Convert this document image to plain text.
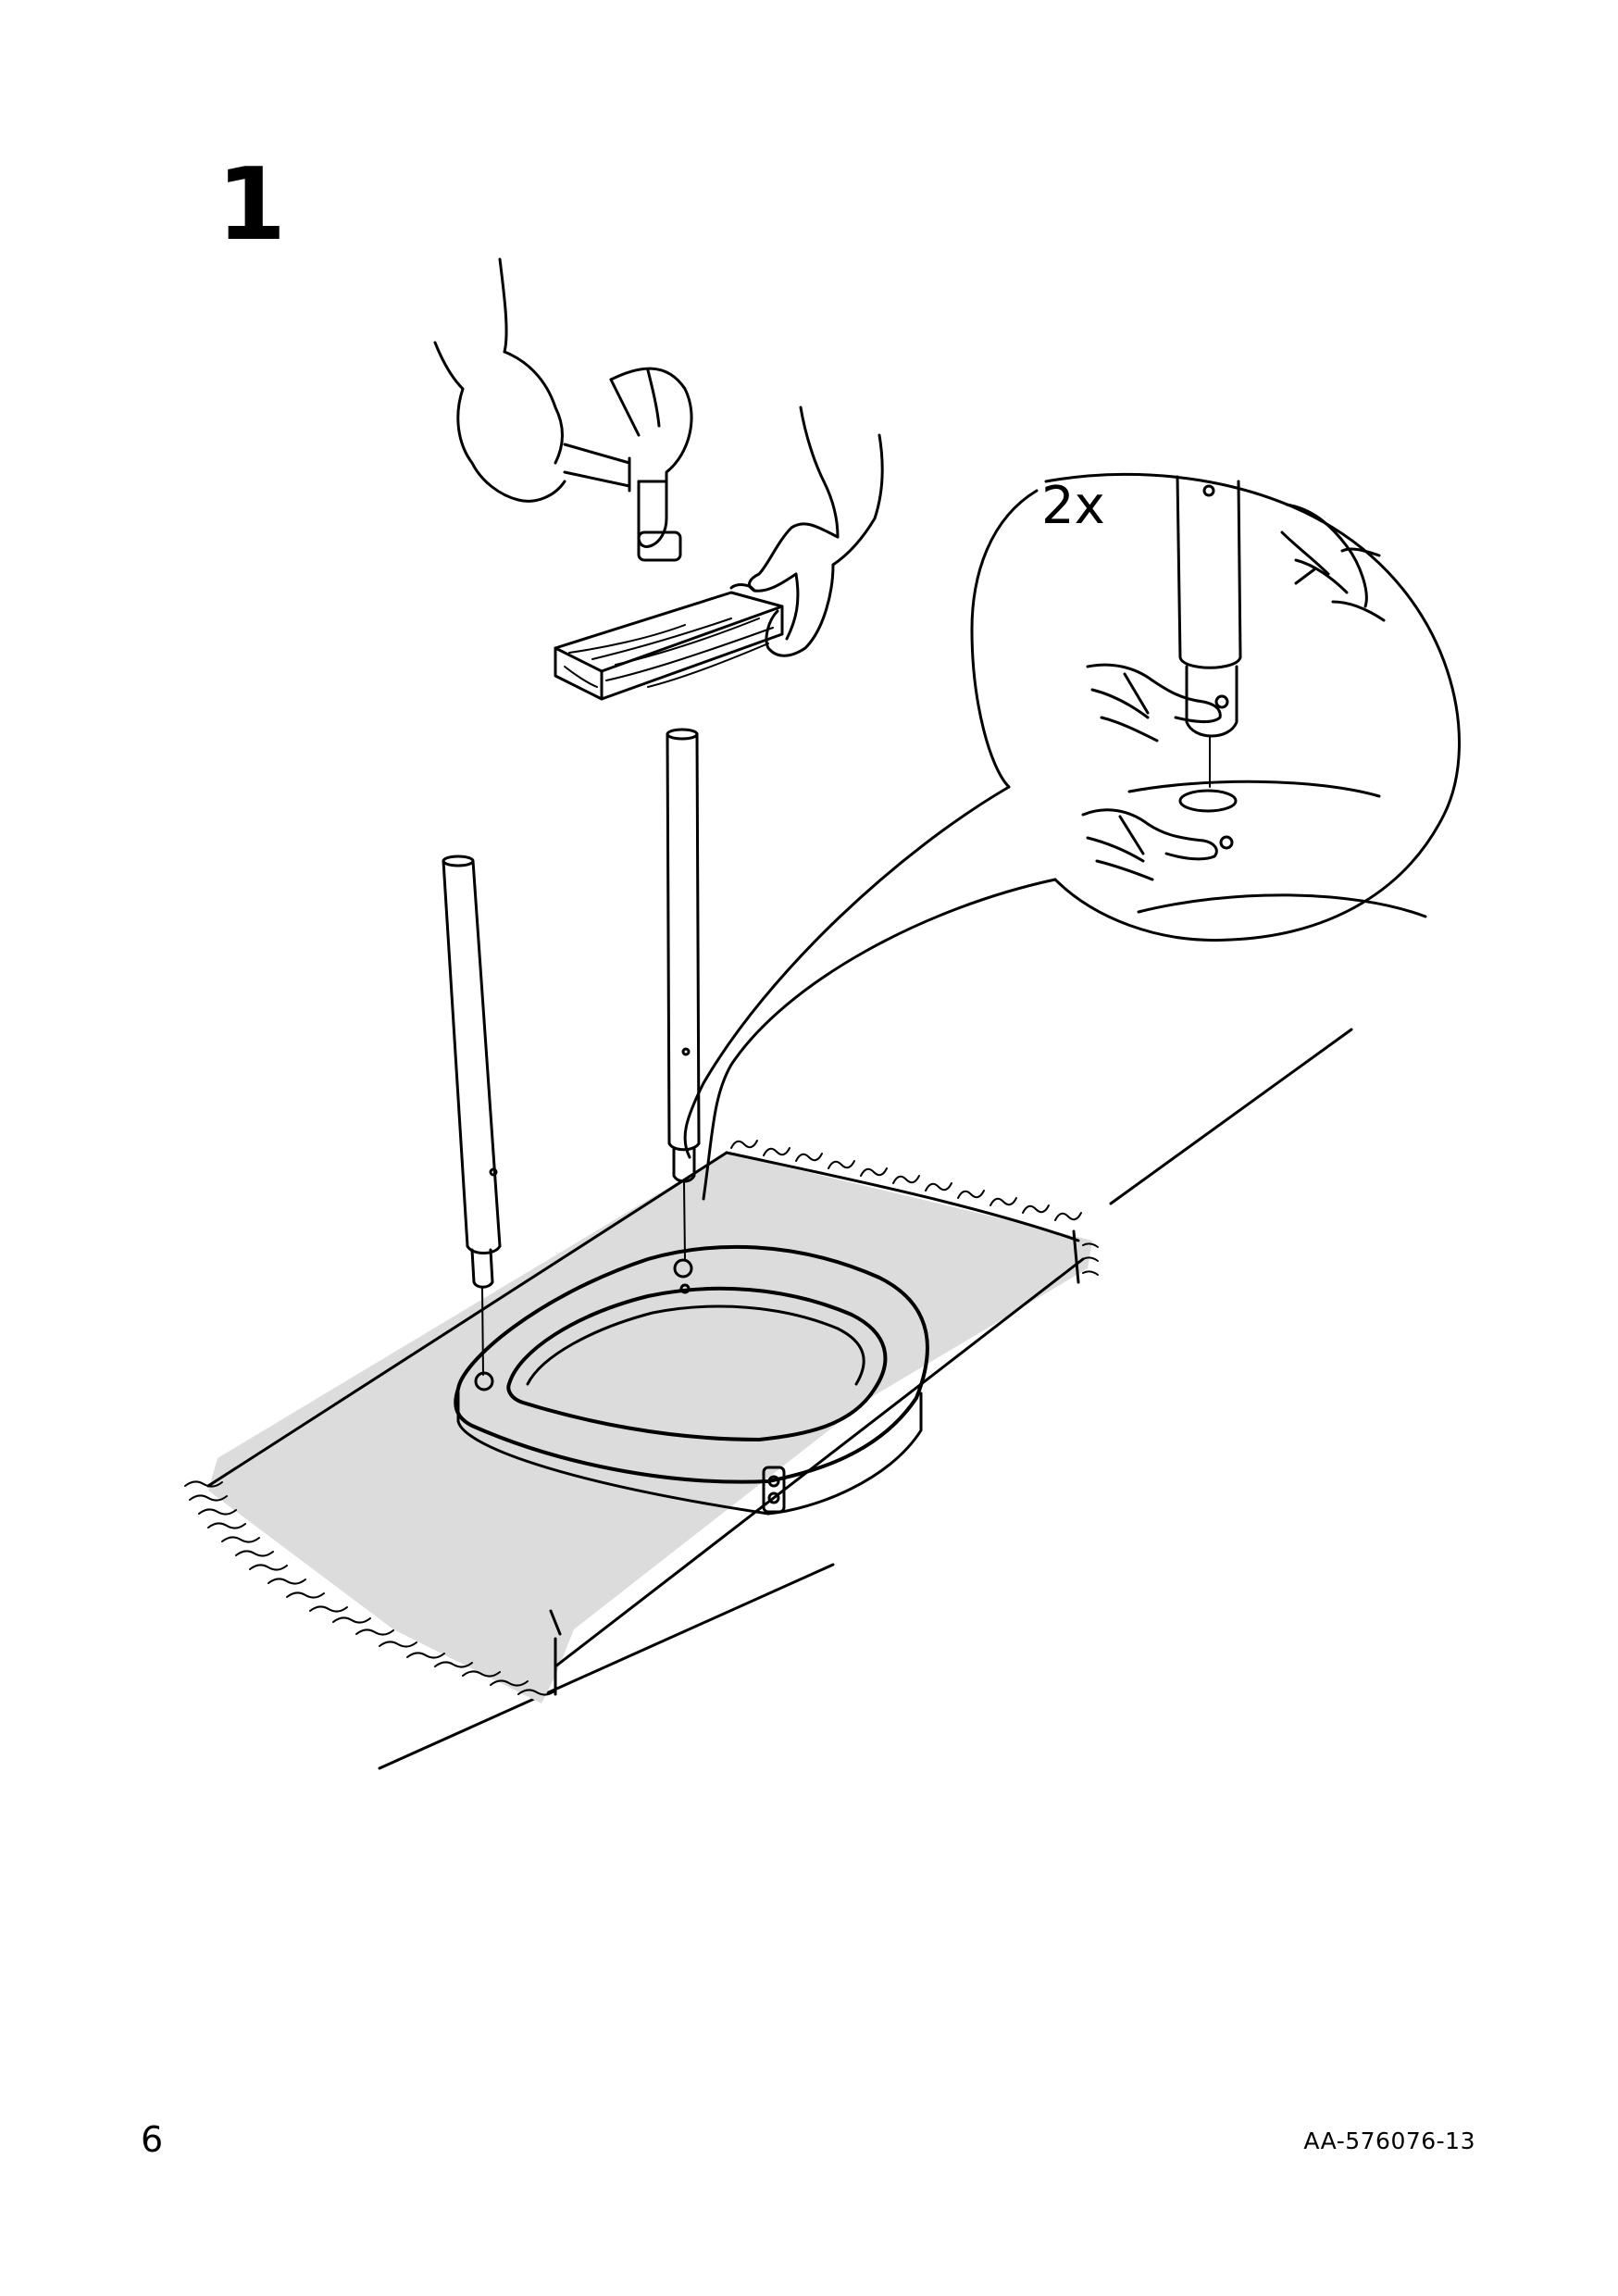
1
2x
6	AA-576076-13
